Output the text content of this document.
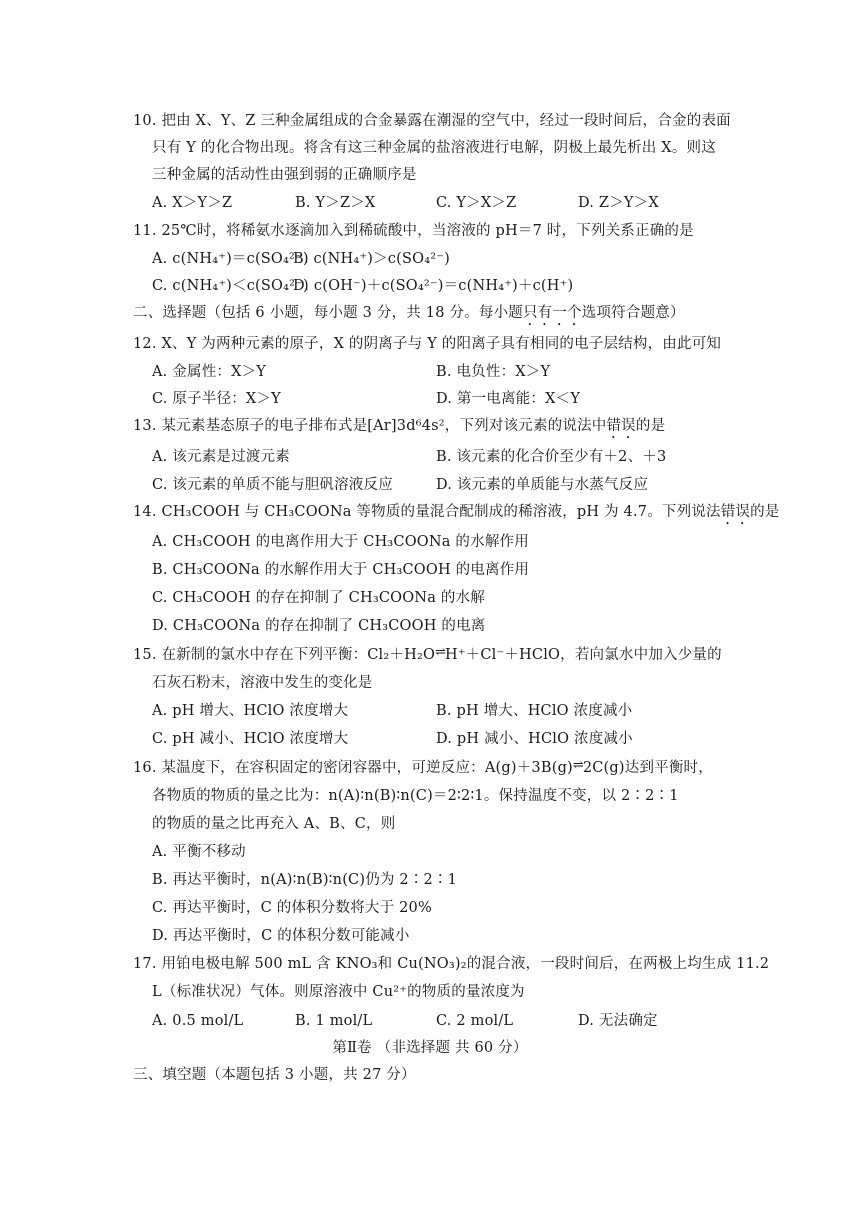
10. 把由 X、Y、Z 三种金属组成的合金暴露在潮湿的空气中，经过一段时间后，合金的表面
只有 Y 的化合物出现。将含有这三种金属的盐溶液进行电解，阴极上最先析出 X。则这
三种金属的活动性由强到弱的正确顺序是
A. X＞Y＞Z	B. Y＞Z＞X	C. Y＞X＞Z	D. Z＞Y＞X
11. 25℃时，将稀氨水逐滴加入到稀硫酸中，当溶液的 pH＝7 时，下列关系正确的是
A. c(NH₄⁺)＝c(SO₄²⁻)
B. c(NH₄⁺)＞c(SO₄²⁻)
C. c(NH₄⁺)＜c(SO₄²⁻)
D. c(OH⁻)＋c(SO₄²⁻)＝c(NH₄⁺)＋c(H⁺)
二、选择题（包括 6 小题，每小题 3 分，共 18 分。每小题只有一个选项符合题意）
12. X、Y 为两种元素的原子，X 的阴离子与 Y 的阳离子具有相同的电子层结构，由此可知
A. 金属性：X＞Y	B. 电负性：X＞Y
C. 原子半径：X＞Y	D. 第一电离能：X＜Y
13. 某元素基态原子的电子排布式是[Ar]3d⁶4s²，下列对该元素的说法中错误的是
A. 该元素是过渡元素	B. 该元素的化合价至少有＋2、＋3
C. 该元素的单质不能与胆矾溶液反应	D. 该元素的单质能与水蒸气反应
14. CH₃COOH 与 CH₃COONa 等物质的量混合配制成的稀溶液，pH 为 4.7。下列说法错误的是
A. CH₃COOH 的电离作用大于 CH₃COONa 的水解作用
B. CH₃COONa 的水解作用大于 CH₃COOH 的电离作用
C. CH₃COOH 的存在抑制了 CH₃COONa 的水解
D. CH₃COONa 的存在抑制了 CH₃COOH 的电离
15. 在新制的氯水中存在下列平衡：Cl₂＋H₂O⇌H⁺＋Cl⁻＋HClO，若向氯水中加入少量的
石灰石粉末，溶液中发生的变化是
A. pH 增大、HClO 浓度增大	B. pH 增大、HClO 浓度减小
C. pH 减小、HClO 浓度增大	D. pH 减小、HClO 浓度减小
16. 某温度下，在容积固定的密闭容器中，可逆反应：A(g)＋3B(g)⇌2C(g)达到平衡时，
各物质的物质的量之比为：n(A)∶n(B)∶n(C)＝2∶2∶1。保持温度不变，以 2∶2∶1
的物质的量之比再充入 A、B、C，则
A. 平衡不移动
B. 再达平衡时，n(A)∶n(B)∶n(C)仍为 2∶2∶1
C. 再达平衡时，C 的体积分数将大于 20%
D. 再达平衡时，C 的体积分数可能减小
17. 用铂电极电解 500 mL 含 KNO₃和 Cu(NO₃)₂的混合液，一段时间后，在两极上均生成 11.2
L（标准状况）气体。则原溶液中 Cu²⁺的物质的量浓度为
A. 0.5 mol/L	B. 1 mol/L	C. 2 mol/L	D. 无法确定
第Ⅱ卷 （非选择题 共 60 分）
三、填空题（本题包括 3 小题，共 27 分）
